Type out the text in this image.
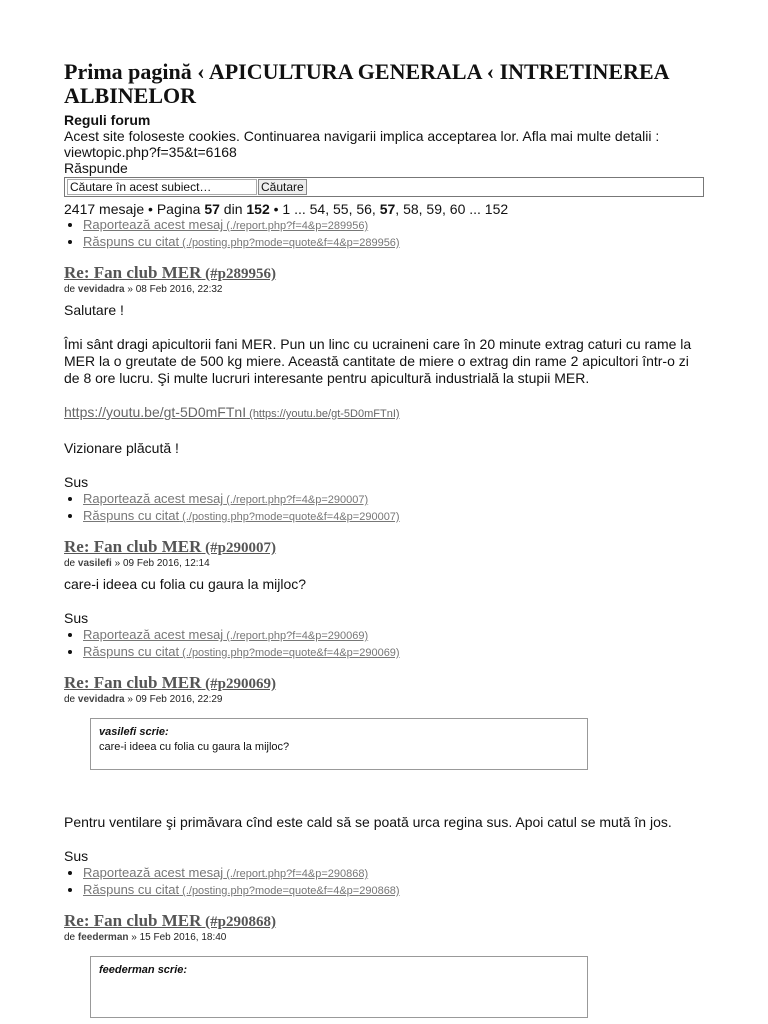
Prima pagină ‹ APICULTURA GENERALA ‹ INTRETINEREA ALBINELOR
Reguli forum
Acest site foloseste cookies. Continuarea navigarii implica acceptarea lor. Afla mai multe detalii : viewtopic.php?f=35&t=6168
Răspunde
Căutare în acest subiect…	Căutare
2417 mesaje • Pagina 57 din 152 • 1 ... 54, 55, 56, 57, 58, 59, 60 ... 152
• Raportează acest mesaj (./report.php?f=4&p=289956)
• Răspuns cu citat (./posting.php?mode=quote&f=4&p=289956)
Re: Fan club MER (#p289956)
de vevidadra » 08 Feb 2016, 22:32

Salutare !

Îmi sânt dragi apicultorii fani MER. Pun un linc cu ucraineni care în 20 minute extrag caturi cu rame la MER la o greutate de 500 kg miere. Această cantitate de miere o extrag din rame 2 apicultori într-o zi de 8 ore lucru. Şi multe lucruri interesante pentru apicultură industrială la stupii MER.

https://youtu.be/gt-5D0mFTnI (https://youtu.be/gt-5D0mFTnI)

Vizionare plăcută !

Sus
• Raportează acest mesaj (./report.php?f=4&p=290007)
• Răspuns cu citat (./posting.php?mode=quote&f=4&p=290007)
Re: Fan club MER (#p290007)
de vasilefi » 09 Feb 2016, 12:14

care-i ideea cu folia cu gaura la mijloc?

Sus
• Raportează acest mesaj (./report.php?f=4&p=290069)
• Răspuns cu citat (./posting.php?mode=quote&f=4&p=290069)
Re: Fan club MER (#p290069)
de vevidadra » 09 Feb 2016, 22:29
vasilefi scrie:
care-i ideea cu folia cu gaura la mijloc?

Pentru ventilare şi primăvara cînd este cald să se poată urca regina sus. Apoi catul se mută în jos.

Sus
• Raportează acest mesaj (./report.php?f=4&p=290868)
• Răspuns cu citat (./posting.php?mode=quote&f=4&p=290868)
Re: Fan club MER (#p290868)
de feederman » 15 Feb 2016, 18:40
feederman scrie:
